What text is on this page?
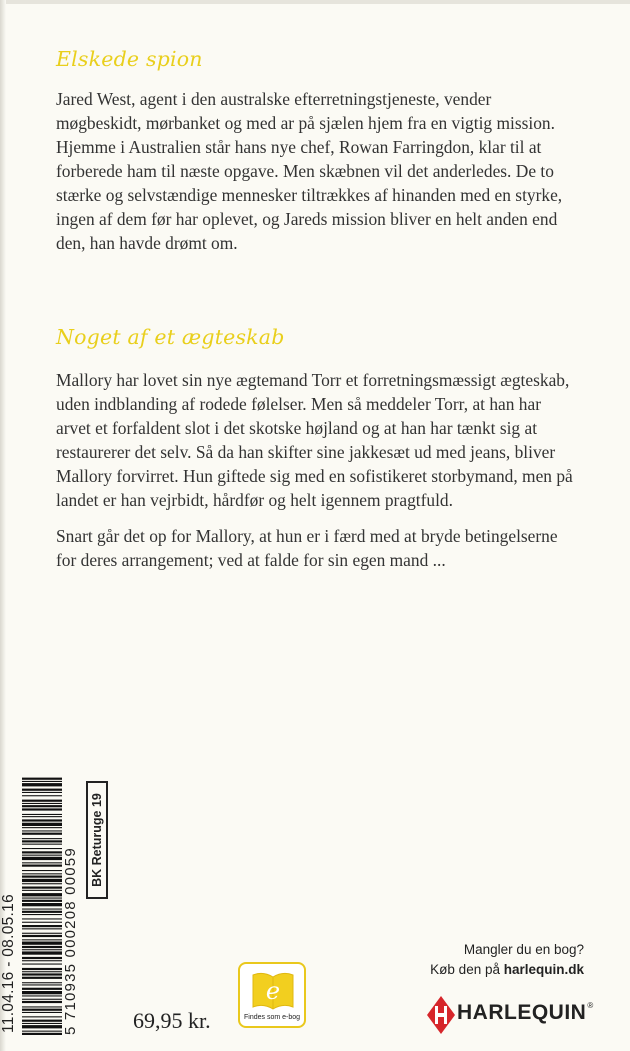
Elskede spion

Jared West, agent i den australske efterretningstjeneste, vender møgbeskidt, mørbanket og med ar på sjælen hjem fra en vigtig mission. Hjemme i Australien står hans nye chef, Rowan Farringdon, klar til at forberede ham til næste opgave. Men skæbnen vil det anderledes. De to stærke og selvstændige mennesker tiltrækkes af hinanden med en styrke, ingen af dem før har oplevet, og Jareds mission bliver en helt anden end den, han havde drømt om.

Noget af et ægteskab

Mallory har lovet sin nye ægtemand Torr et forretningsmæssigt ægteskab, uden indblanding af rodede følelser. Men så meddeler Torr, at han har arvet et forfaldent slot i det skotske højland og at han har tænkt sig at restaurerer det selv. Så da han skifter sine jakkesæt ud med jeans, bliver Mallory forvirret. Hun giftede sig med en sofistikeret storbymand, men på landet er han vejrbidt, hårdfør og helt igennem pragtfuld.

Snart går det op for Mallory, at hun er i færd med at bryde betingelserne for deres arrangement; ved at falde for sin egen mand ...

11.04.16 - 08.05.16	5 710935 000208 00059
BK Returuge 19
69,95 kr.
e
Findes som e-bog
Mangler du en bog?
Køb den på harlequin.dk
HARLEQUIN®
